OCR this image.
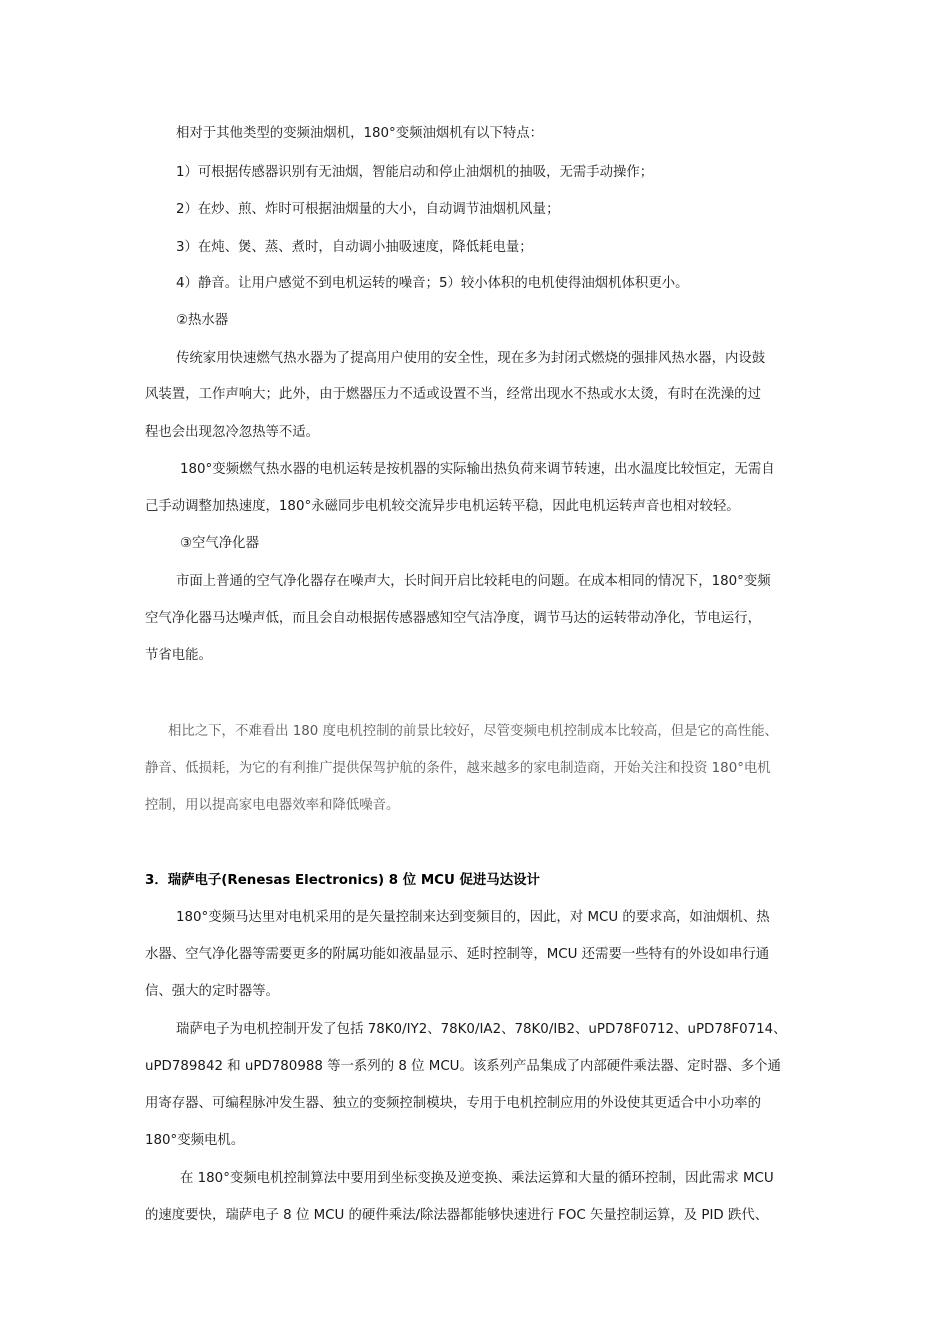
相对于其他类型的变频油烟机，180°变频油烟机有以下特点：
1）可根据传感器识别有无油烟，智能启动和停止油烟机的抽吸，无需手动操作；
2）在炒、煎、炸时可根据油烟量的大小，自动调节油烟机风量；
3）在炖、煲、蒸、煮时，自动调小抽吸速度，降低耗电量；
4）静音。让用户感觉不到电机运转的噪音；5）较小体积的电机使得油烟机体积更小。
②热水器
传统家用快速燃气热水器为了提高用户使用的安全性，现在多为封闭式燃烧的强排风热水器，内设鼓
风装置，工作声响大；此外，由于燃器压力不适或设置不当，经常出现水不热或水太烫，有时在洗澡的过
程也会出现忽冷忽热等不适。
180°变频燃气热水器的电机运转是按机器的实际输出热负荷来调节转速，出水温度比较恒定，无需自
己手动调整加热速度，180°永磁同步电机较交流异步电机运转平稳，因此电机运转声音也相对较轻。
③空气净化器
市面上普通的空气净化器存在噪声大，长时间开启比较耗电的问题。在成本相同的情况下，180°变频
空气净化器马达噪声低，而且会自动根据传感器感知空气洁净度，调节马达的运转带动净化，节电运行，
节省电能。
相比之下，不难看出 180 度电机控制的前景比较好，尽管变频电机控制成本比较高，但是它的高性能、
静音、低损耗，为它的有利推广提供保驾护航的条件，越来越多的家电制造商，开始关注和投资 180°电机
控制，用以提高家电电器效率和降低噪音。
3．瑞萨电子(Renesas Electronics) 8 位 MCU 促进马达设计
180°变频马达里对电机采用的是矢量控制来达到变频目的，因此，对 MCU 的要求高，如油烟机、热
水器、空气净化器等需要更多的附属功能如液晶显示、延时控制等，MCU 还需要一些特有的外设如串行通
信、强大的定时器等。
瑞萨电子为电机控制开发了包括 78K0/IY2、78K0/IA2、78K0/IB2、uPD78F0712、uPD78F0714、
uPD789842 和 uPD780988 等一系列的 8 位 MCU。该系列产品集成了内部硬件乘法器、定时器、多个通
用寄存器、可编程脉冲发生器、独立的变频控制模块，专用于电机控制应用的外设使其更适合中小功率的
180°变频电机。
在 180°变频电机控制算法中要用到坐标变换及逆变换、乘法运算和大量的循环控制，因此需求 MCU
的速度要快，瑞萨电子 8 位 MCU 的硬件乘法/除法器都能够快速进行 FOC 矢量控制运算，及 PID 跌代、
